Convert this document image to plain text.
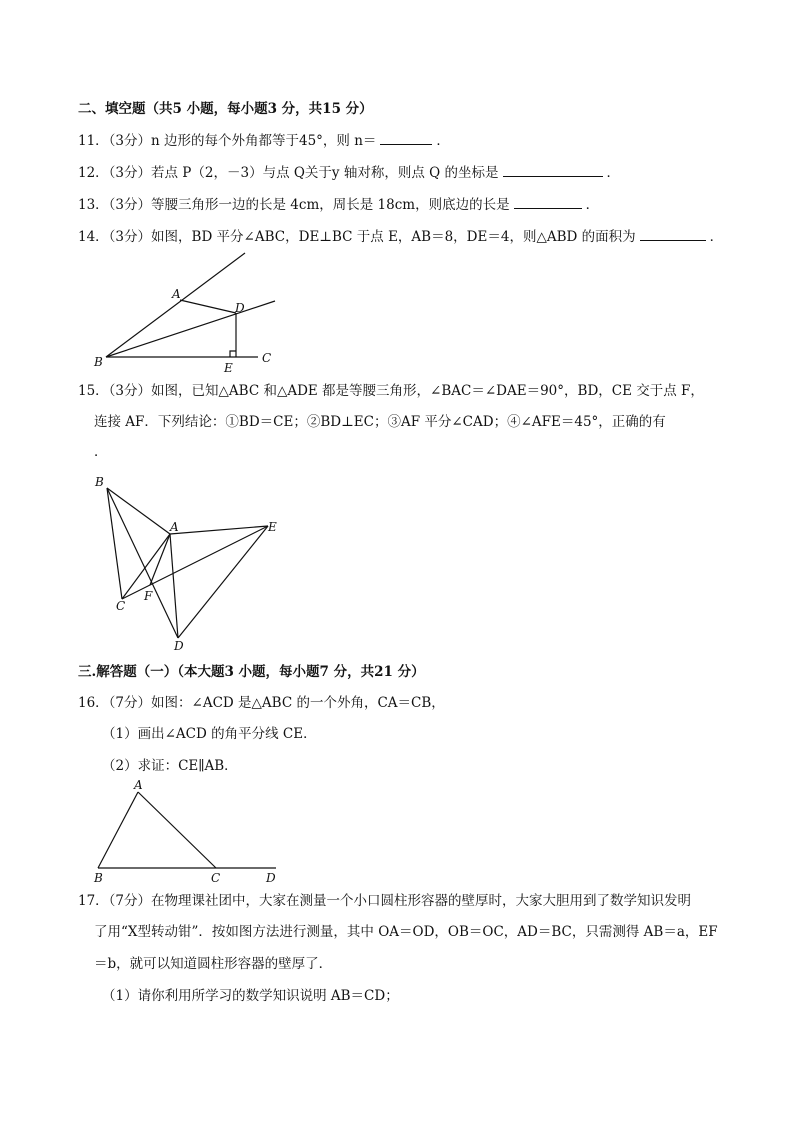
二、填空题（共5 小题，每小题3 分，共15 分）
11．（3分）n 边形的每个外角都等于45°，则 n＝	．
12．（3分）若点 P（2，－3）与点 Q关于y 轴对称，则点 Q 的坐标是	．
13．（3分）等腰三角形一边的长是 4cm，周长是 18cm，则底边的长是	．
14．（3分）如图，BD 平分∠ABC，DE⊥BC 于点 E，AB＝8，DE＝4，则△ABD 的面积为	．
A
D
B	C
E
15．（3分）如图，已知△ABC 和△ADE 都是等腰三角形，∠BAC＝∠DAE＝90°，BD，CE 交于点 F，
连接 AF．下列结论：①BD＝CE；②BD⊥EC；③AF 平分∠CAD；④∠AFE＝45°，正确的有
．
B
A	E
C
F
D
三.解答题（一）（本大题3 小题，每小题7 分，共21 分）
16．（7分）如图：∠ACD 是△ABC 的一个外角，CA＝CB，
（1）画出∠ACD 的角平分线 CE．
（2）求证：CE∥AB．
A
B	C	D
17．（7分）在物理课社团中，大家在测量一个小口圆柱形容器的壁厚时，大家大胆用到了数学知识发明
了用“X型转动钳”．按如图方法进行测量，其中 OA＝OD，OB＝OC，AD＝BC，只需测得 AB＝a，EF
＝b，就可以知道圆柱形容器的壁厚了．
（1）请你利用所学习的数学知识说明 AB＝CD；
